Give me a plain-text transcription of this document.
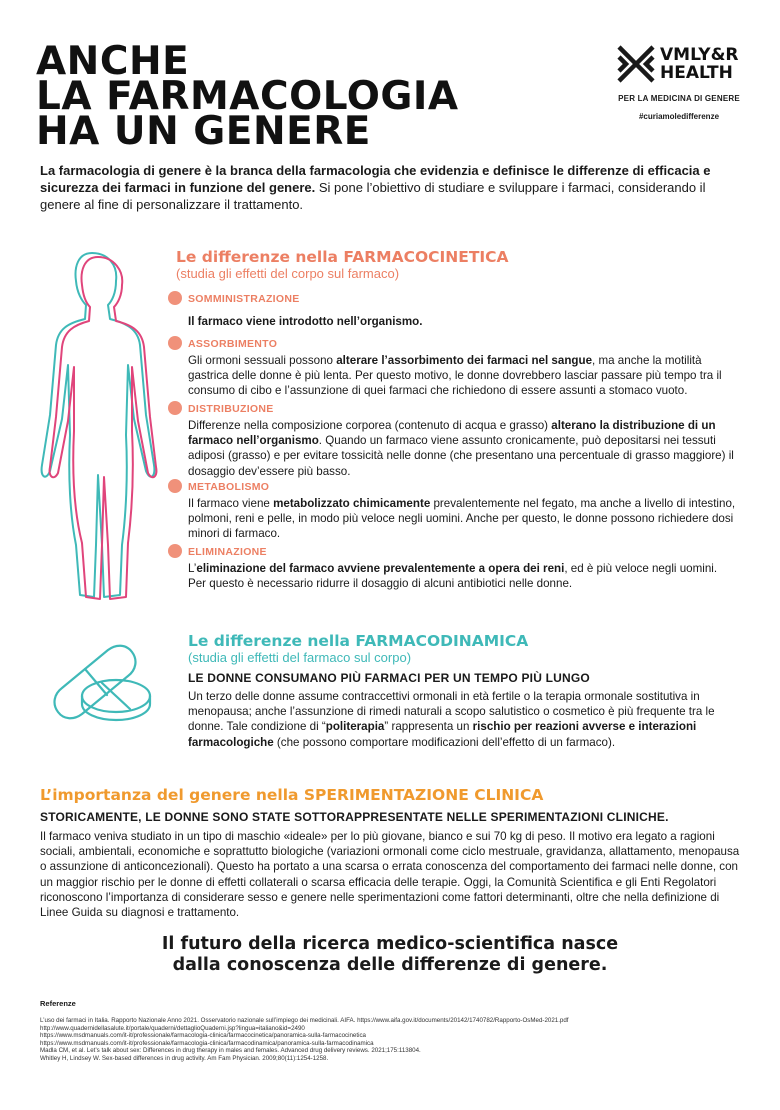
ANCHE
LA FARMACOLOGIA
HA UN GENERE
VMLY&R
HEALTH
PER LA MEDICINA DI GENERE
#curiamoledifferenze

La farmacologia di genere è la branca della farmacologia che evidenzia e definisce le differenze di efficacia e sicurezza dei farmaci in funzione del genere. Si pone l’obiettivo di studiare e sviluppare i farmaci, considerando il genere al fine di personalizzare il trattamento.

Le differenze nella FARMACOCINETICA

(studia gli effetti del corpo sul farmaco)

SOMMINISTRAZIONE

Il farmaco viene introdotto nell’organismo.

ASSORBIMENTO

Gli ormoni sessuali possono alterare l’assorbimento dei farmaci nel sangue, ma anche la motilità gastrica delle donne è più lenta. Per questo motivo, le donne dovrebbero lasciar passare più tempo tra il consumo di cibo e l’assunzione di quei farmaci che richiedono di essere assunti a stomaco vuoto.

DISTRIBUZIONE

Differenze nella composizione corporea (contenuto di acqua e grasso) alterano la distribuzione di un farmaco nell’organismo. Quando un farmaco viene assunto cronicamente, può depositarsi nei tessuti adiposi (grasso) e per evitare tossicità nelle donne (che presentano una percentuale di grasso maggiore) il dosaggio dev’essere più basso.

METABOLISMO

Il farmaco viene metabolizzato chimicamente prevalentemente nel fegato, ma anche a livello di intestino, polmoni, reni e pelle, in modo più veloce negli uomini. Anche per questo, le donne possono richiedere dosi minori di farmaco.

ELIMINAZIONE

L’eliminazione del farmaco avviene prevalentemente a opera dei reni, ed è più veloce negli uomini. Per questo è necessario ridurre il dosaggio di alcuni antibiotici nelle donne.

Le differenze nella FARMACODINAMICA

(studia gli effetti del farmaco sul corpo)

LE DONNE CONSUMANO PIÙ FARMACI PER UN TEMPO PIÙ LUNGO

Un terzo delle donne assume contraccettivi ormonali in età fertile o la terapia ormonale sostitutiva in menopausa; anche l’assunzione di rimedi naturali a scopo salutistico o cosmetico è più frequente tra le donne. Tale condizione di “politerapia” rappresenta un rischio per reazioni avverse e interazioni farmacologiche (che possono comportare modificazioni dell’effetto di un farmaco).

L’importanza del genere nella SPERIMENTAZIONE CLINICA
STORICAMENTE, LE DONNE SONO STATE SOTTORAPPRESENTATE NELLE SPERIMENTAZIONI CLINICHE.

Il farmaco veniva studiato in un tipo di maschio «ideale» per lo più giovane, bianco e sui 70 kg di peso. Il motivo era legato a ragioni sociali, ambientali, economiche e soprattutto biologiche (variazioni ormonali come ciclo mestruale, gravidanza, allattamento, menopausa o assunzione di anticoncezionali). Questo ha portato a una scarsa o errata conoscenza del comportamento dei farmaci nelle donne, con un maggior rischio per le donne di effetti collaterali o scarsa efficacia delle terapie. Oggi, la Comunità Scientifica e gli Enti Regolatori riconoscono l’importanza di considerare sesso e genere nelle sperimentazioni come fattori determinanti, oltre che nella definizione di Linee Guida su diagnosi e trattamento.

Il futuro della ricerca medico-scientifica nasce
dalla conoscenza delle differenze di genere.
Referenze
L’uso dei farmaci in Italia. Rapporto Nazionale Anno 2021. Osservatorio nazionale sull’impiego dei medicinali. AIFA. https://www.aifa.gov.it/documents/20142/1740782/Rapporto-OsMed-2021.pdf
http://www.quadernidellasalute.it/portale/quaderni/dettaglioQuaderni.jsp?lingua=italiano&id=2490
https://www.msdmanuals.com/it-it/professionale/farmacologia-clinica/farmacocinetica/panoramica-sulla-farmacocinetica
https://www.msdmanuals.com/it-it/professionale/farmacologia-clinica/farmacodinamica/panoramica-sulla-farmacodinamica
Madla CM, et al. Let’s talk about sex: Differences in drug therapy in males and females. Advanced drug delivery reviews. 2021;175:113804.
Whitley H, Lindsey W. Sex-based differences in drug activity. Am Fam Physician. 2009;80(11):1254-1258.
